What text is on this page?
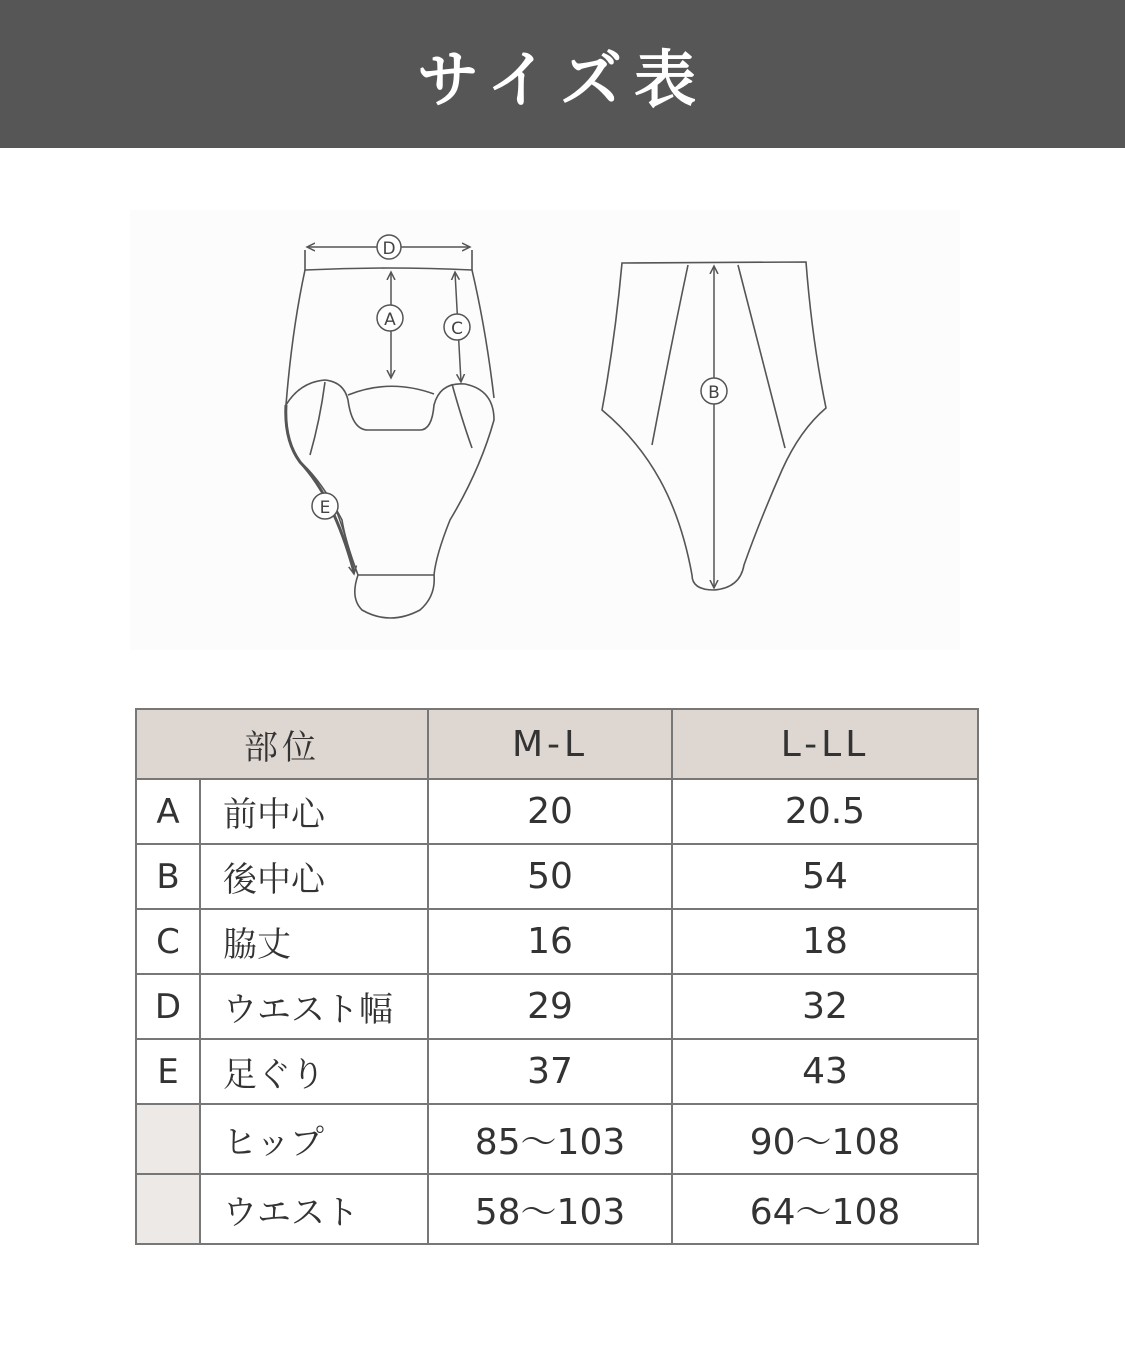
サイズ表
D
A	C
E
B
部位		M-L	L-LL
A	前中心	20	20.5
B	後中心	50	54
C	脇丈	16	18
D	ウエスト幅	29	32
E	足ぐり	37	43
	ヒップ	85〜103	90〜108
	ウエスト	58〜103	64〜108
